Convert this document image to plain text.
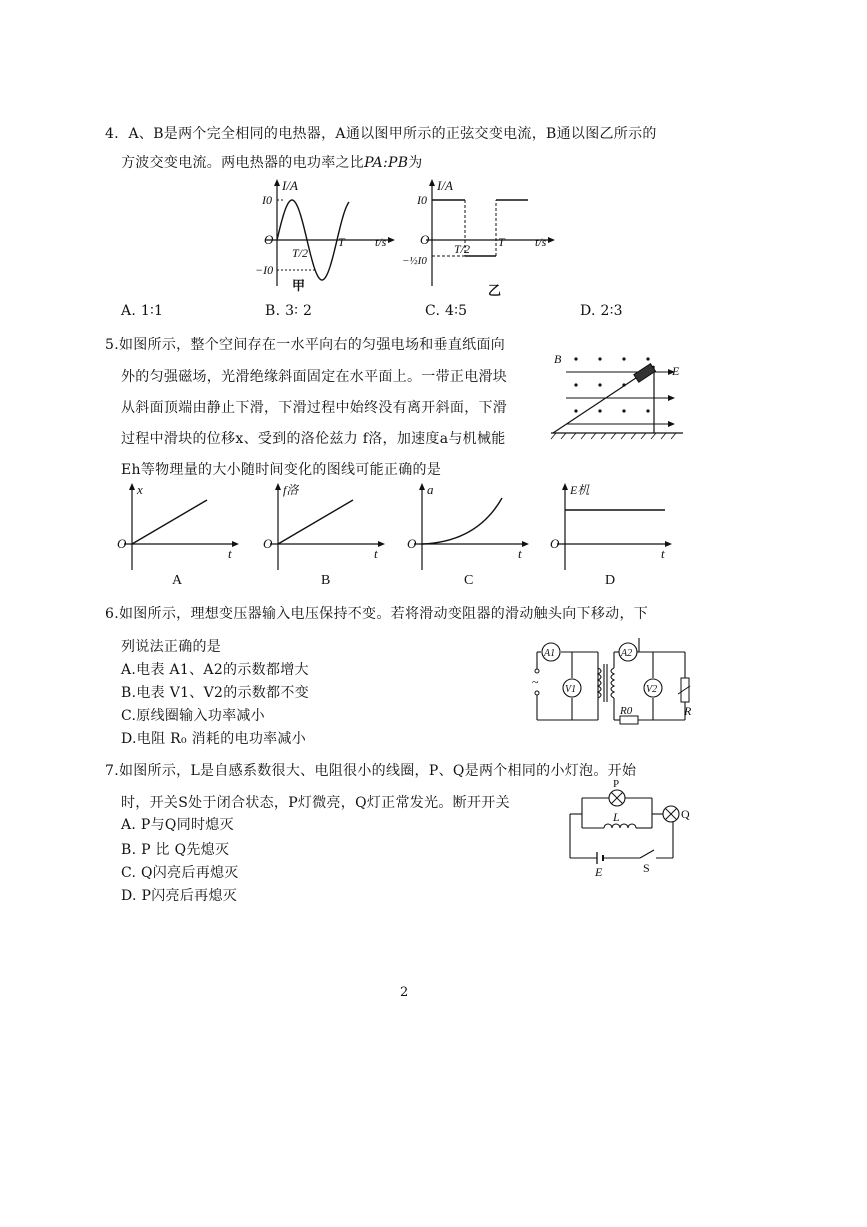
4．A、B是两个完全相同的电热器，A通以图甲所示的正弦交变电流，B通以图乙所示的
方波交变电流。两电热器的电功率之比PA:PB为
I/A
I0
O
T/2
T	t/s
−I0
甲
I/A
I0
O
T/2 T	t/s
−½I0
乙
A. 1∶1	B. 3∶ 2	C. 4∶5	D. 2∶3
5.如图所示，整个空间存在一水平向右的匀强电场和垂直纸面向
外的匀强磁场，光滑绝缘斜面固定在水平面上。一带正电滑块
从斜面顶端由静止下滑，下滑过程中始终没有离开斜面，下滑
过程中滑块的位移x、受到的洛伦兹力 f洛，加速度a与机械能
Eh等物理量的大小随时间变化的图线可能正确的是
B
E
x
O
t
A
f洛
O
t
B
a
O
t
C
E机
O
t
D
6.如图所示，理想变压器输入电压保持不变。若将滑动变阻器的滑动触头向下移动，下
列说法正确的是
A.电表 A1、A2的示数都增大
B.电表 V1、V2的示数都不变
C.原线圈输入功率减小
D.电阻 R₀ 消耗的电功率减小
A1	A2
V1	V2
~
R0	R
7.如图所示，L是自感系数很大、电阻很小的线圈，P、Q是两个相同的小灯泡。开始
时，开关S处于闭合状态，P灯微亮，Q灯正常发光。断开开关
A. P与Q同时熄灭
B. P 比 Q先熄灭
C. Q闪亮后再熄灭
D. P闪亮后再熄灭
P
Q
L
E	S
2
